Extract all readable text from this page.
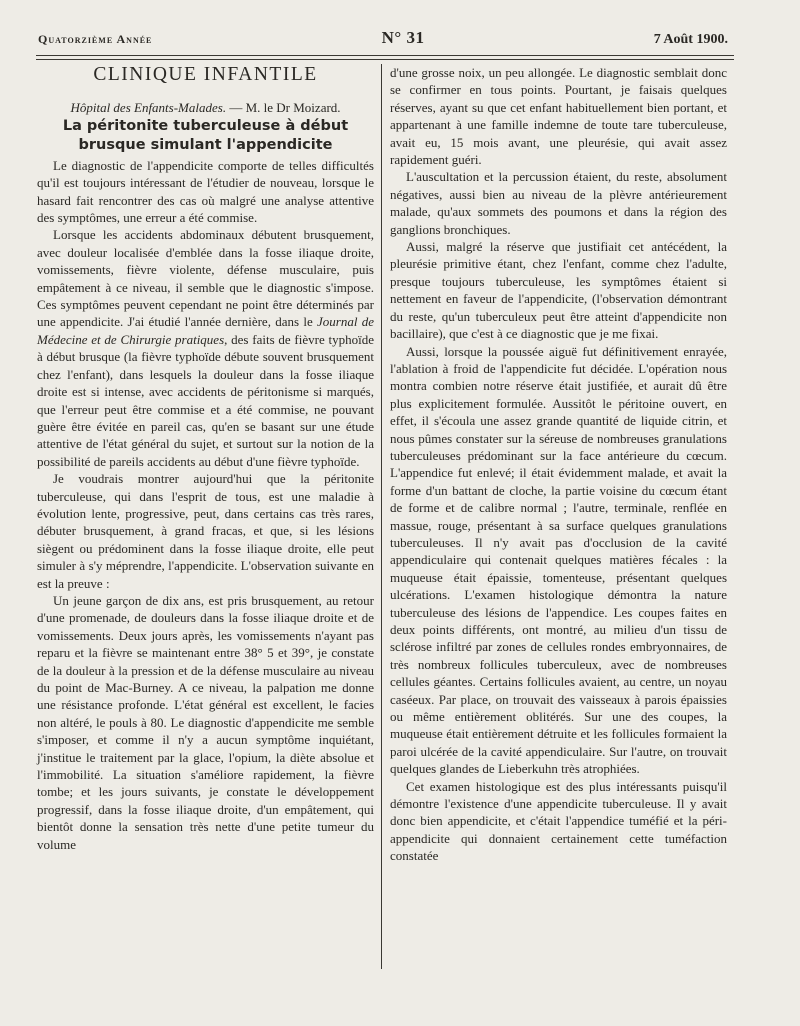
Quatorzième Année	N° 31	7 Août 1900.
CLINIQUE INFANTILE

Hôpital des Enfants-Malades. — M. le Dr Moizard.

La péritonite tuberculeuse à début brusque simulant l'appendicite

Le diagnostic de l'appendicite comporte de telles difficultés qu'il est toujours intéressant de l'étudier de nouveau, lorsque le hasard fait rencontrer des cas où malgré une analyse attentive des symptômes, une erreur a été commise.

Lorsque les accidents abdominaux débutent brusquement, avec douleur localisée d'emblée dans la fosse iliaque droite, vomissements, fièvre violente, défense musculaire, puis empâtement à ce niveau, il semble que le diagnostic s'impose. Ces symptômes peuvent cependant ne point être déterminés par une appendicite. J'ai étudié l'année dernière, dans le Journal de Médecine et de Chirurgie pratiques, des faits de fièvre typhoïde à début brusque (la fièvre typhoïde débute souvent brusquement chez l'enfant), dans lesquels la douleur dans la fosse iliaque droite est si intense, avec accidents de péritonisme si marqués, que l'erreur peut être commise et a été commise, ne pouvant guère être évitée en pareil cas, qu'en se basant sur une étude attentive de l'état général du sujet, et surtout sur la notion de la possibilité de pareils accidents au début d'une fièvre typhoïde.

Je voudrais montrer aujourd'hui que la péritonite tuberculeuse, qui dans l'esprit de tous, est une maladie à évolution lente, progressive, peut, dans certains cas très rares, débuter brusquement, à grand fracas, et que, si les lésions siègent ou prédominent dans la fosse iliaque droite, elle peut simuler à s'y méprendre, l'appendicite. L'observation suivante en est la preuve :

Un jeune garçon de dix ans, est pris brusquement, au retour d'une promenade, de douleurs dans la fosse iliaque droite et de vomissements. Deux jours après, les vomissements n'ayant pas reparu et la fièvre se maintenant entre 38° 5 et 39°, je constate de la douleur à la pression et de la défense musculaire au niveau du point de Mac-Burney. A ce niveau, la palpation me donne une résistance profonde. L'état général est excellent, le facies non altéré, le pouls à 80. Le diagnostic d'appendicite me semble s'imposer, et comme il n'y a aucun symptôme inquiétant, j'institue le traitement par la glace, l'opium, la diète absolue et l'immobilité. La situation s'améliore rapidement, la fièvre tombe; et les jours suivants, je constate le développement progressif, dans la fosse iliaque droite, d'un empâtement, qui bientôt donne la sensation très nette d'une petite tumeur du volume

d'une grosse noix, un peu allongée. Le diagnostic semblait donc se confirmer en tous points. Pourtant, je faisais quelques réserves, ayant su que cet enfant habituellement bien portant, et appartenant à une famille indemne de toute tare tuberculeuse, avait eu, 15 mois avant, une pleurésie, qui avait assez rapidement guéri.

L'auscultation et la percussion étaient, du reste, absolument négatives, aussi bien au niveau de la plèvre antérieurement malade, qu'aux sommets des poumons et dans la région des ganglions bronchiques.

Aussi, malgré la réserve que justifiait cet antécédent, la pleurésie primitive étant, chez l'enfant, comme chez l'adulte, presque toujours tuberculeuse, les symptômes étaient si nettement en faveur de l'appendicite, (l'observation démontrant du reste, qu'un tuberculeux peut être atteint d'appendicite non bacillaire), que c'est à ce diagnostic que je me fixai.

Aussi, lorsque la poussée aiguë fut définitivement enrayée, l'ablation à froid de l'appendicite fut décidée. L'opération nous montra combien notre réserve était justifiée, et aurait dû être plus explicitement formulée. Aussitôt le péritoine ouvert, en effet, il s'écoula une assez grande quantité de liquide citrin, et nous pûmes constater sur la séreuse de nombreuses granulations tuberculeuses prédominant sur la face antérieure du cœcum. L'appendice fut enlevé; il était évidemment malade, et avait la forme d'un battant de cloche, la partie voisine du cœcum étant de forme et de calibre normal ; l'autre, terminale, renflée en massue, rouge, présentant à sa surface quelques granulations tuberculeuses. Il n'y avait pas d'occlusion de la cavité appendiculaire qui contenait quelques matières fécales : la muqueuse était épaissie, tomenteuse, présentant quelques ulcérations. L'examen histologique démontra la nature tuberculeuse des lésions de l'appendice. Les coupes faites en deux points différents, ont montré, au milieu d'un tissu de sclérose infiltré par zones de cellules rondes embryonnaires, de très nombreux follicules tuberculeux, avec de nombreuses cellules géantes. Certains follicules avaient, au centre, un noyau caséeux. Par place, on trouvait des vaisseaux à parois épaissies ou même entièrement oblitérés. Sur une des coupes, la muqueuse était entièrement détruite et les follicules formaient la paroi ulcérée de la cavité appendiculaire. Sur l'autre, on trouvait quelques glandes de Lieberkuhn très atrophiées.

Cet examen histologique est des plus intéressants puisqu'il démontre l'existence d'une appendicite tuberculeuse. Il y avait donc bien appendicite, et c'était l'appendice tuméfié et la péri-appendicite qui donnaient certainement cette tuméfaction constatée
